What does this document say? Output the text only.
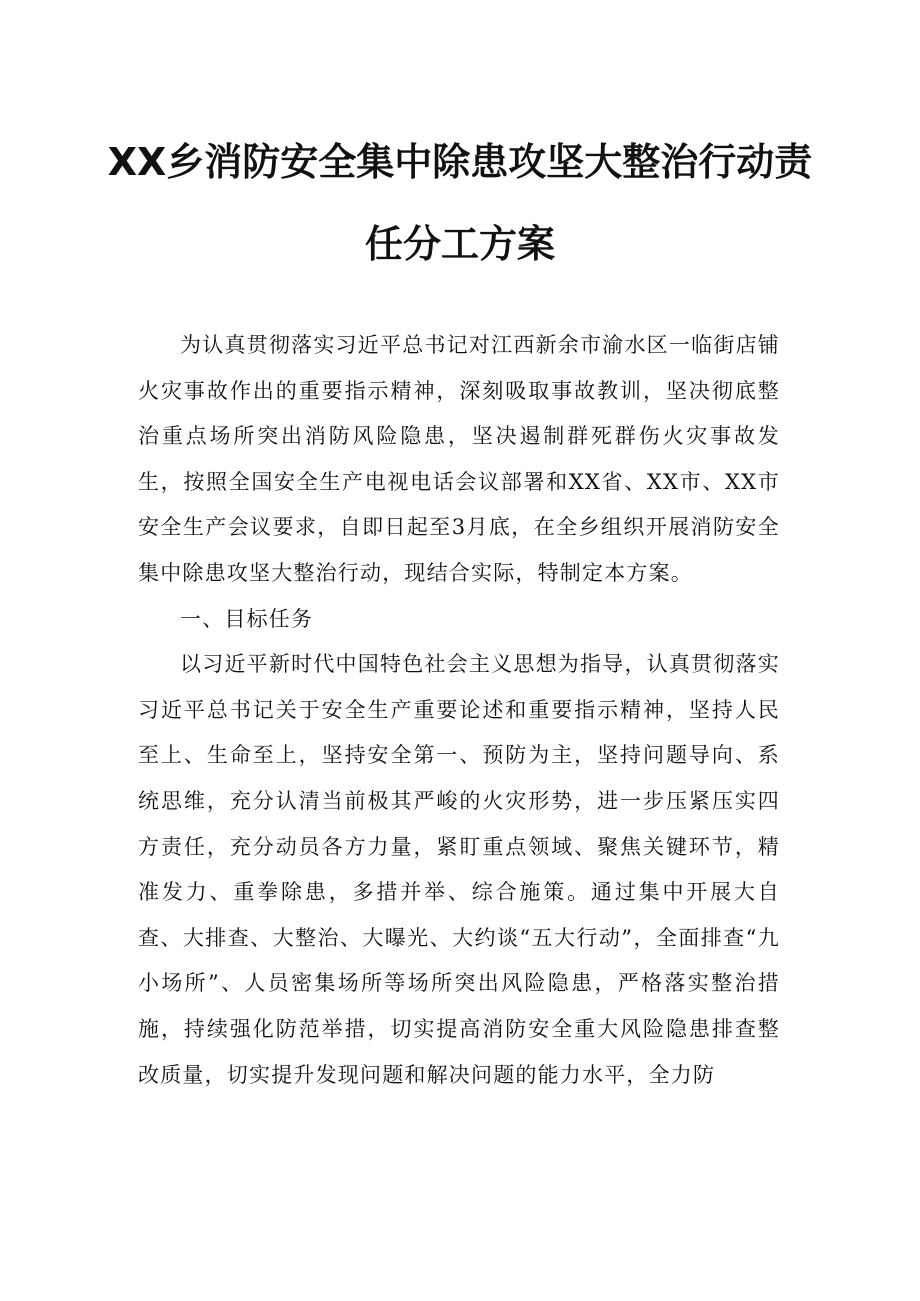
XX乡消防安全集中除患攻坚大整治行动责
任分工方案

为认真贯彻落实习近平总书记对江西新余市渝水区一临街店铺火灾事故作出的重要指示精神，深刻吸取事故教训，坚决彻底整治重点场所突出消防风险隐患，坚决遏制群死群伤火灾事故发生，按照全国安全生产电视电话会议部署和XX省、XX市、XX市安全生产会议要求，自即日起至3月底，在全乡组织开展消防安全集中除患攻坚大整治行动，现结合实际，特制定本方案。

一、目标任务

以习近平新时代中国特色社会主义思想为指导，认真贯彻落实习近平总书记关于安全生产重要论述和重要指示精神，坚持人民至上、生命至上，坚持安全第一、预防为主，坚持问题导向、系统思维，充分认清当前极其严峻的火灾形势，进一步压紧压实四方责任，充分动员各方力量，紧盯重点领域、聚焦关键环节，精准发力、重拳除患，多措并举、综合施策。通过集中开展大自查、大排查、大整治、大曝光、大约谈“五大行动”，全面排查“九小场所”、人员密集场所等场所突出风险隐患，严格落实整治措施，持续强化防范举措，切实提高消防安全重大风险隐患排查整改质量，切实提升发现问题和解决问题的能力水平，全力防
